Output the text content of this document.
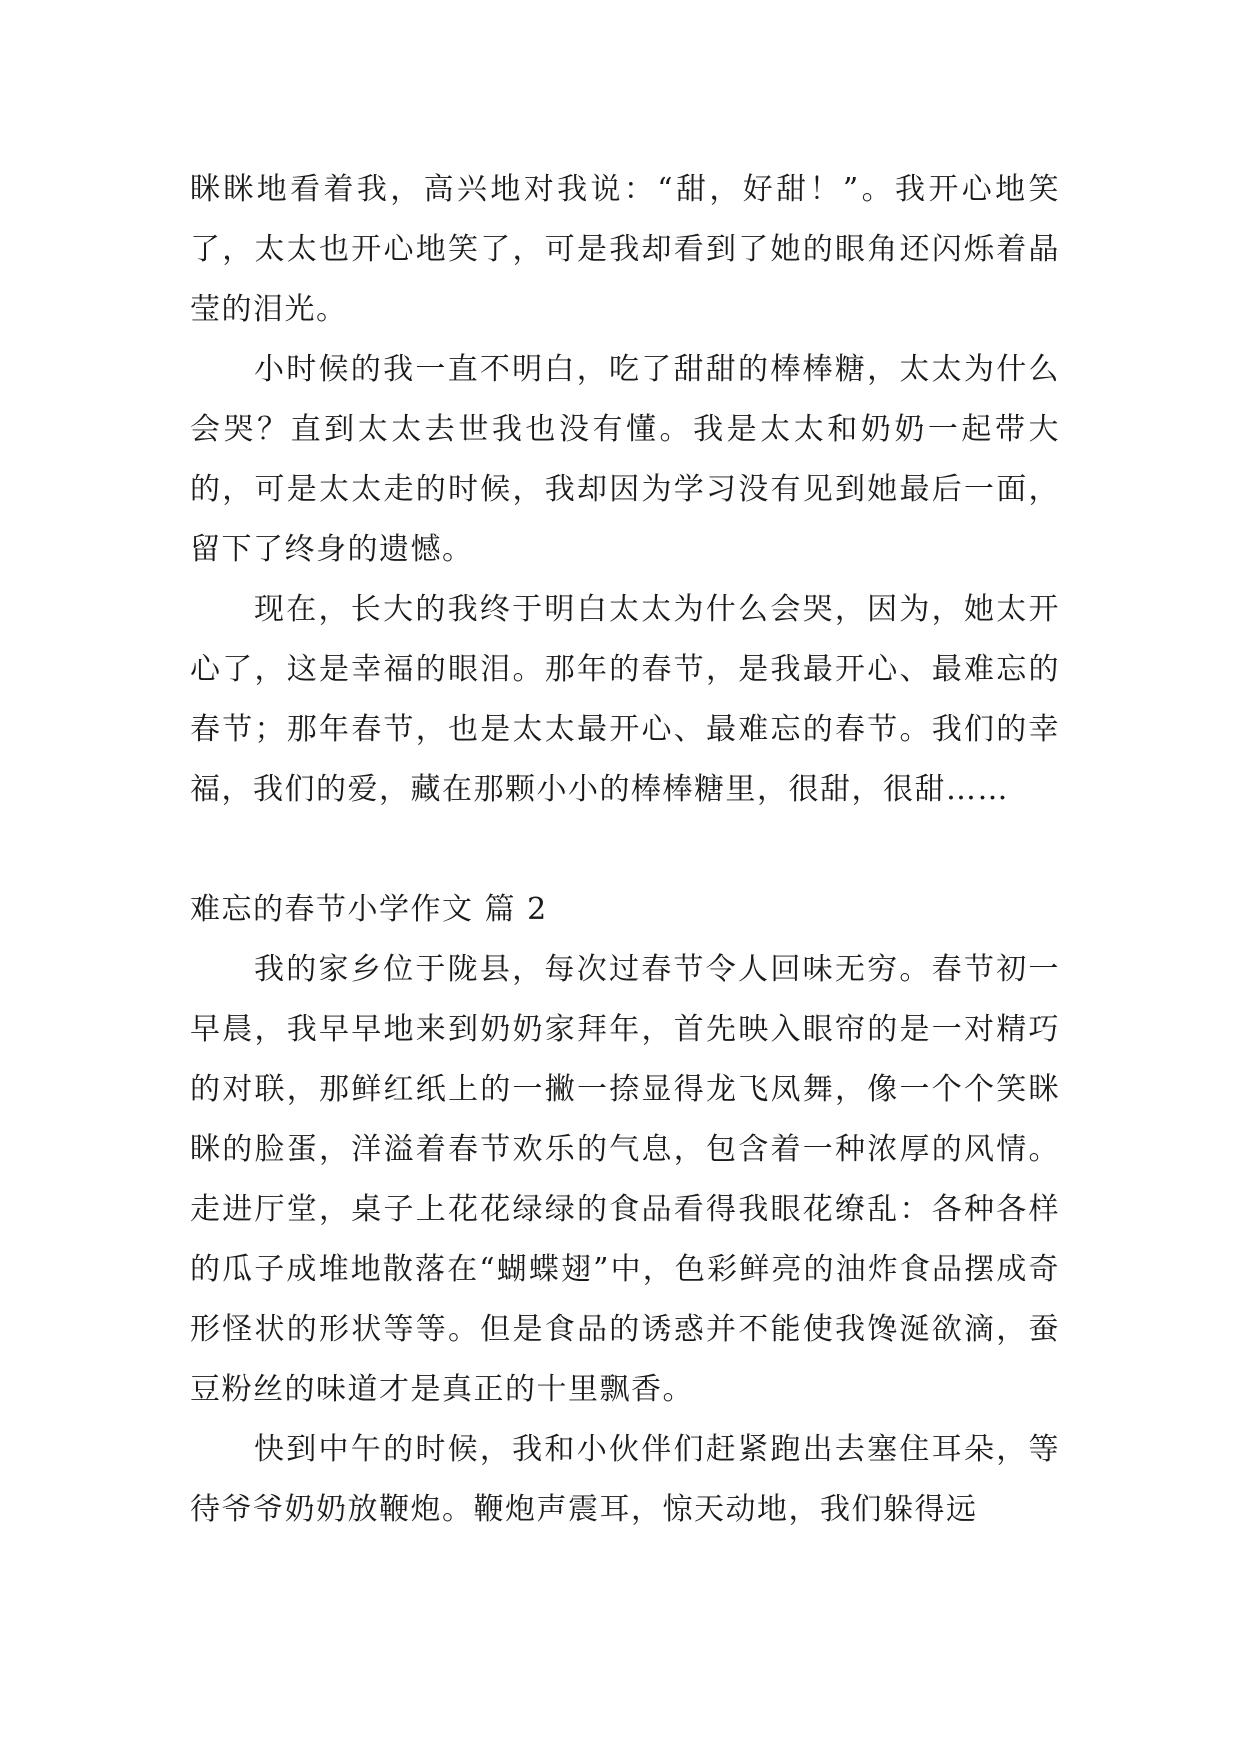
眯眯地看着我，高兴地对我说：“甜，好甜！”。我开心地笑了，太太也开心地笑了，可是我却看到了她的眼角还闪烁着晶莹的泪光。

小时候的我一直不明白，吃了甜甜的棒棒糖，太太为什么会哭？直到太太去世我也没有懂。我是太太和奶奶一起带大的，可是太太走的时候，我却因为学习没有见到她最后一面，留下了终身的遗憾。

现在，长大的我终于明白太太为什么会哭，因为，她太开心了，这是幸福的眼泪。那年的春节，是我最开心、最难忘的春节；那年春节，也是太太最开心、最难忘的春节。我们的幸福，我们的爱，藏在那颗小小的棒棒糖里，很甜，很甜……

难忘的春节小学作文 篇 2

我的家乡位于陇县，每次过春节令人回味无穷。春节初一早晨，我早早地来到奶奶家拜年，首先映入眼帘的是一对精巧的对联，那鲜红纸上的一撇一捺显得龙飞凤舞，像一个个笑眯眯的脸蛋，洋溢着春节欢乐的气息，包含着一种浓厚的风情。走进厅堂，桌子上花花绿绿的食品看得我眼花缭乱：各种各样的瓜子成堆地散落在“蝴蝶翅”中，色彩鲜亮的油炸食品摆成奇形怪状的形状等等。但是食品的诱惑并不能使我馋涎欲滴，蚕豆粉丝的味道才是真正的十里飘香。

快到中午的时候，我和小伙伴们赶紧跑出去塞住耳朵，等待爷爷奶奶放鞭炮。鞭炮声震耳，惊天动地，我们躲得远
